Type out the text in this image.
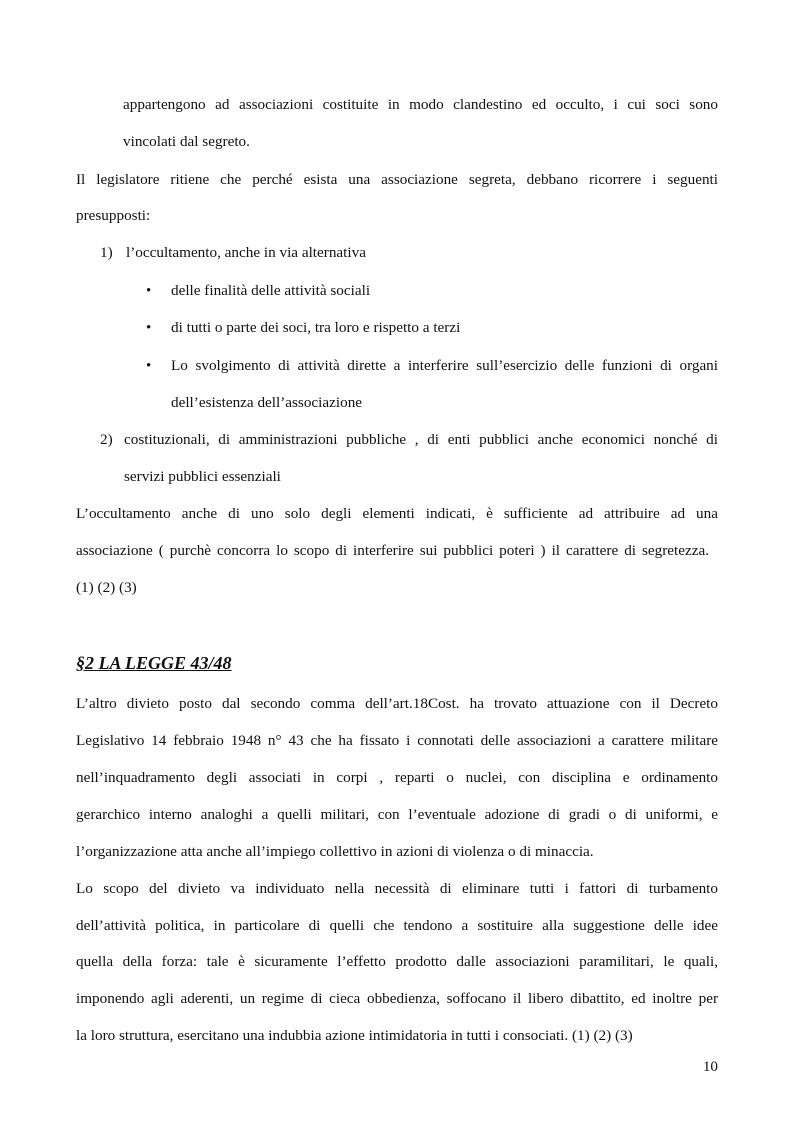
appartengono ad associazioni costituite in modo clandestino ed occulto, i cui soci sono
vincolati dal segreto.
Il legislatore ritiene che perché esista una associazione segreta, debbano ricorrere i seguenti
presupposti:
1) l’occultamento, anche in via alternativa
• delle finalità delle attività sociali
• di tutti o parte dei soci, tra loro e rispetto a terzi
• Lo svolgimento di attività dirette a interferire sull’esercizio delle funzioni di organi
dell’esistenza dell’associazione
2) costituzionali, di amministrazioni pubbliche , di enti pubblici anche economici nonché di
servizi pubblici essenziali
L’occultamento anche di uno solo degli elementi indicati, è sufficiente ad attribuire ad una
associazione ( purchè concorra lo scopo di interferire sui pubblici poteri ) il carattere di segretezza.
(1) (2) (3)
§2 LA LEGGE 43/48
L’altro divieto posto dal secondo comma dell’art.18Cost. ha trovato attuazione con il Decreto
Legislativo 14 febbraio 1948 n° 43 che ha fissato i connotati delle associazioni a carattere militare
nell’inquadramento degli associati in corpi , reparti o nuclei, con disciplina e ordinamento
gerarchico interno analoghi a quelli militari, con l’eventuale adozione di gradi o di uniformi, e
l’organizzazione atta anche all’impiego collettivo in azioni di violenza o di minaccia.
Lo scopo del divieto va individuato nella necessità di eliminare tutti i fattori di turbamento
dell’attività politica, in particolare di quelli che tendono a sostituire alla suggestione delle idee
quella della forza: tale è sicuramente l’effetto prodotto dalle associazioni paramilitari, le quali,
imponendo agli aderenti, un regime di cieca obbedienza, soffocano il libero dibattito, ed inoltre per
la loro struttura, esercitano una indubbia azione intimidatoria in tutti i consociati. (1) (2) (3)
10
